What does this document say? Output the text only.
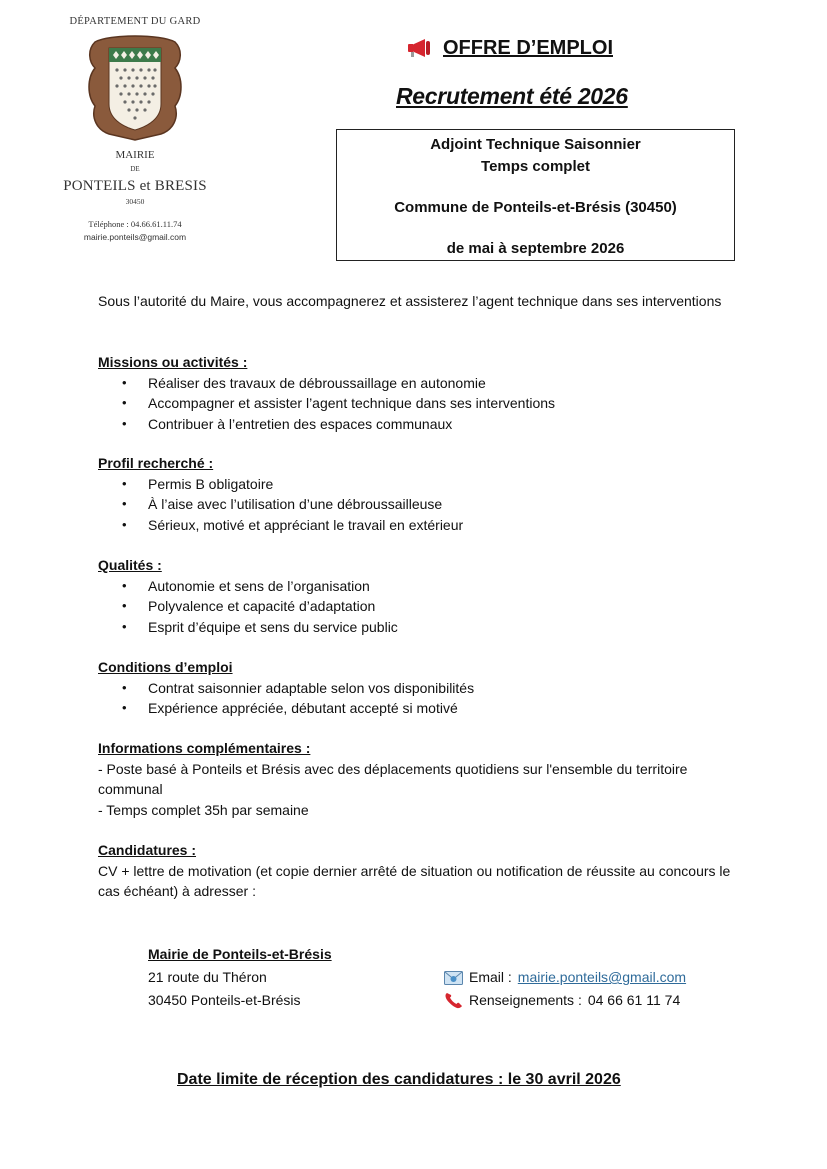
DÉPARTEMENT DU GARD
MAIRIE
DE
PONTEILS et BRESIS
30450
Téléphone : 04.66.61.11.74
mairie.ponteils@gmail.com
OFFRE D’EMPLOI
Recrutement été 2026
Adjoint Technique Saisonnier
Temps complet
Commune de Ponteils-et-Brésis (30450)
de mai à septembre 2026
Sous l’autorité du Maire, vous accompagnerez et assisterez l’agent technique dans ses interventions
Missions ou activités :
• Réaliser des travaux de débroussaillage en autonomie
• Accompagner et assister l’agent technique dans ses interventions
• Contribuer à l’entretien des espaces communaux
Profil recherché :
• Permis B obligatoire
• À l’aise avec l’utilisation d’une débroussailleuse
• Sérieux, motivé et appréciant le travail en extérieur
Qualités :
• Autonomie et sens de l’organisation
• Polyvalence et capacité d’adaptation
• Esprit d’équipe et sens du service public
Conditions d’emploi
• Contrat saisonnier adaptable selon vos disponibilités
• Expérience appréciée, débutant accepté si motivé
Informations complémentaires :
- Poste basé à Ponteils et Brésis avec des déplacements quotidiens sur l'ensemble du territoire communal
- Temps complet 35h par semaine
Candidatures :
CV + lettre de motivation (et copie dernier arrêté de situation ou notification de réussite au concours le cas échéant) à adresser :
Mairie de Ponteils-et-Brésis
21 route du Théron
30450 Ponteils-et-Brésis
Email : mairie.ponteils@gmail.com
Renseignements : 04 66 61 11 74
Date limite de réception des candidatures : le 30 avril 2026
